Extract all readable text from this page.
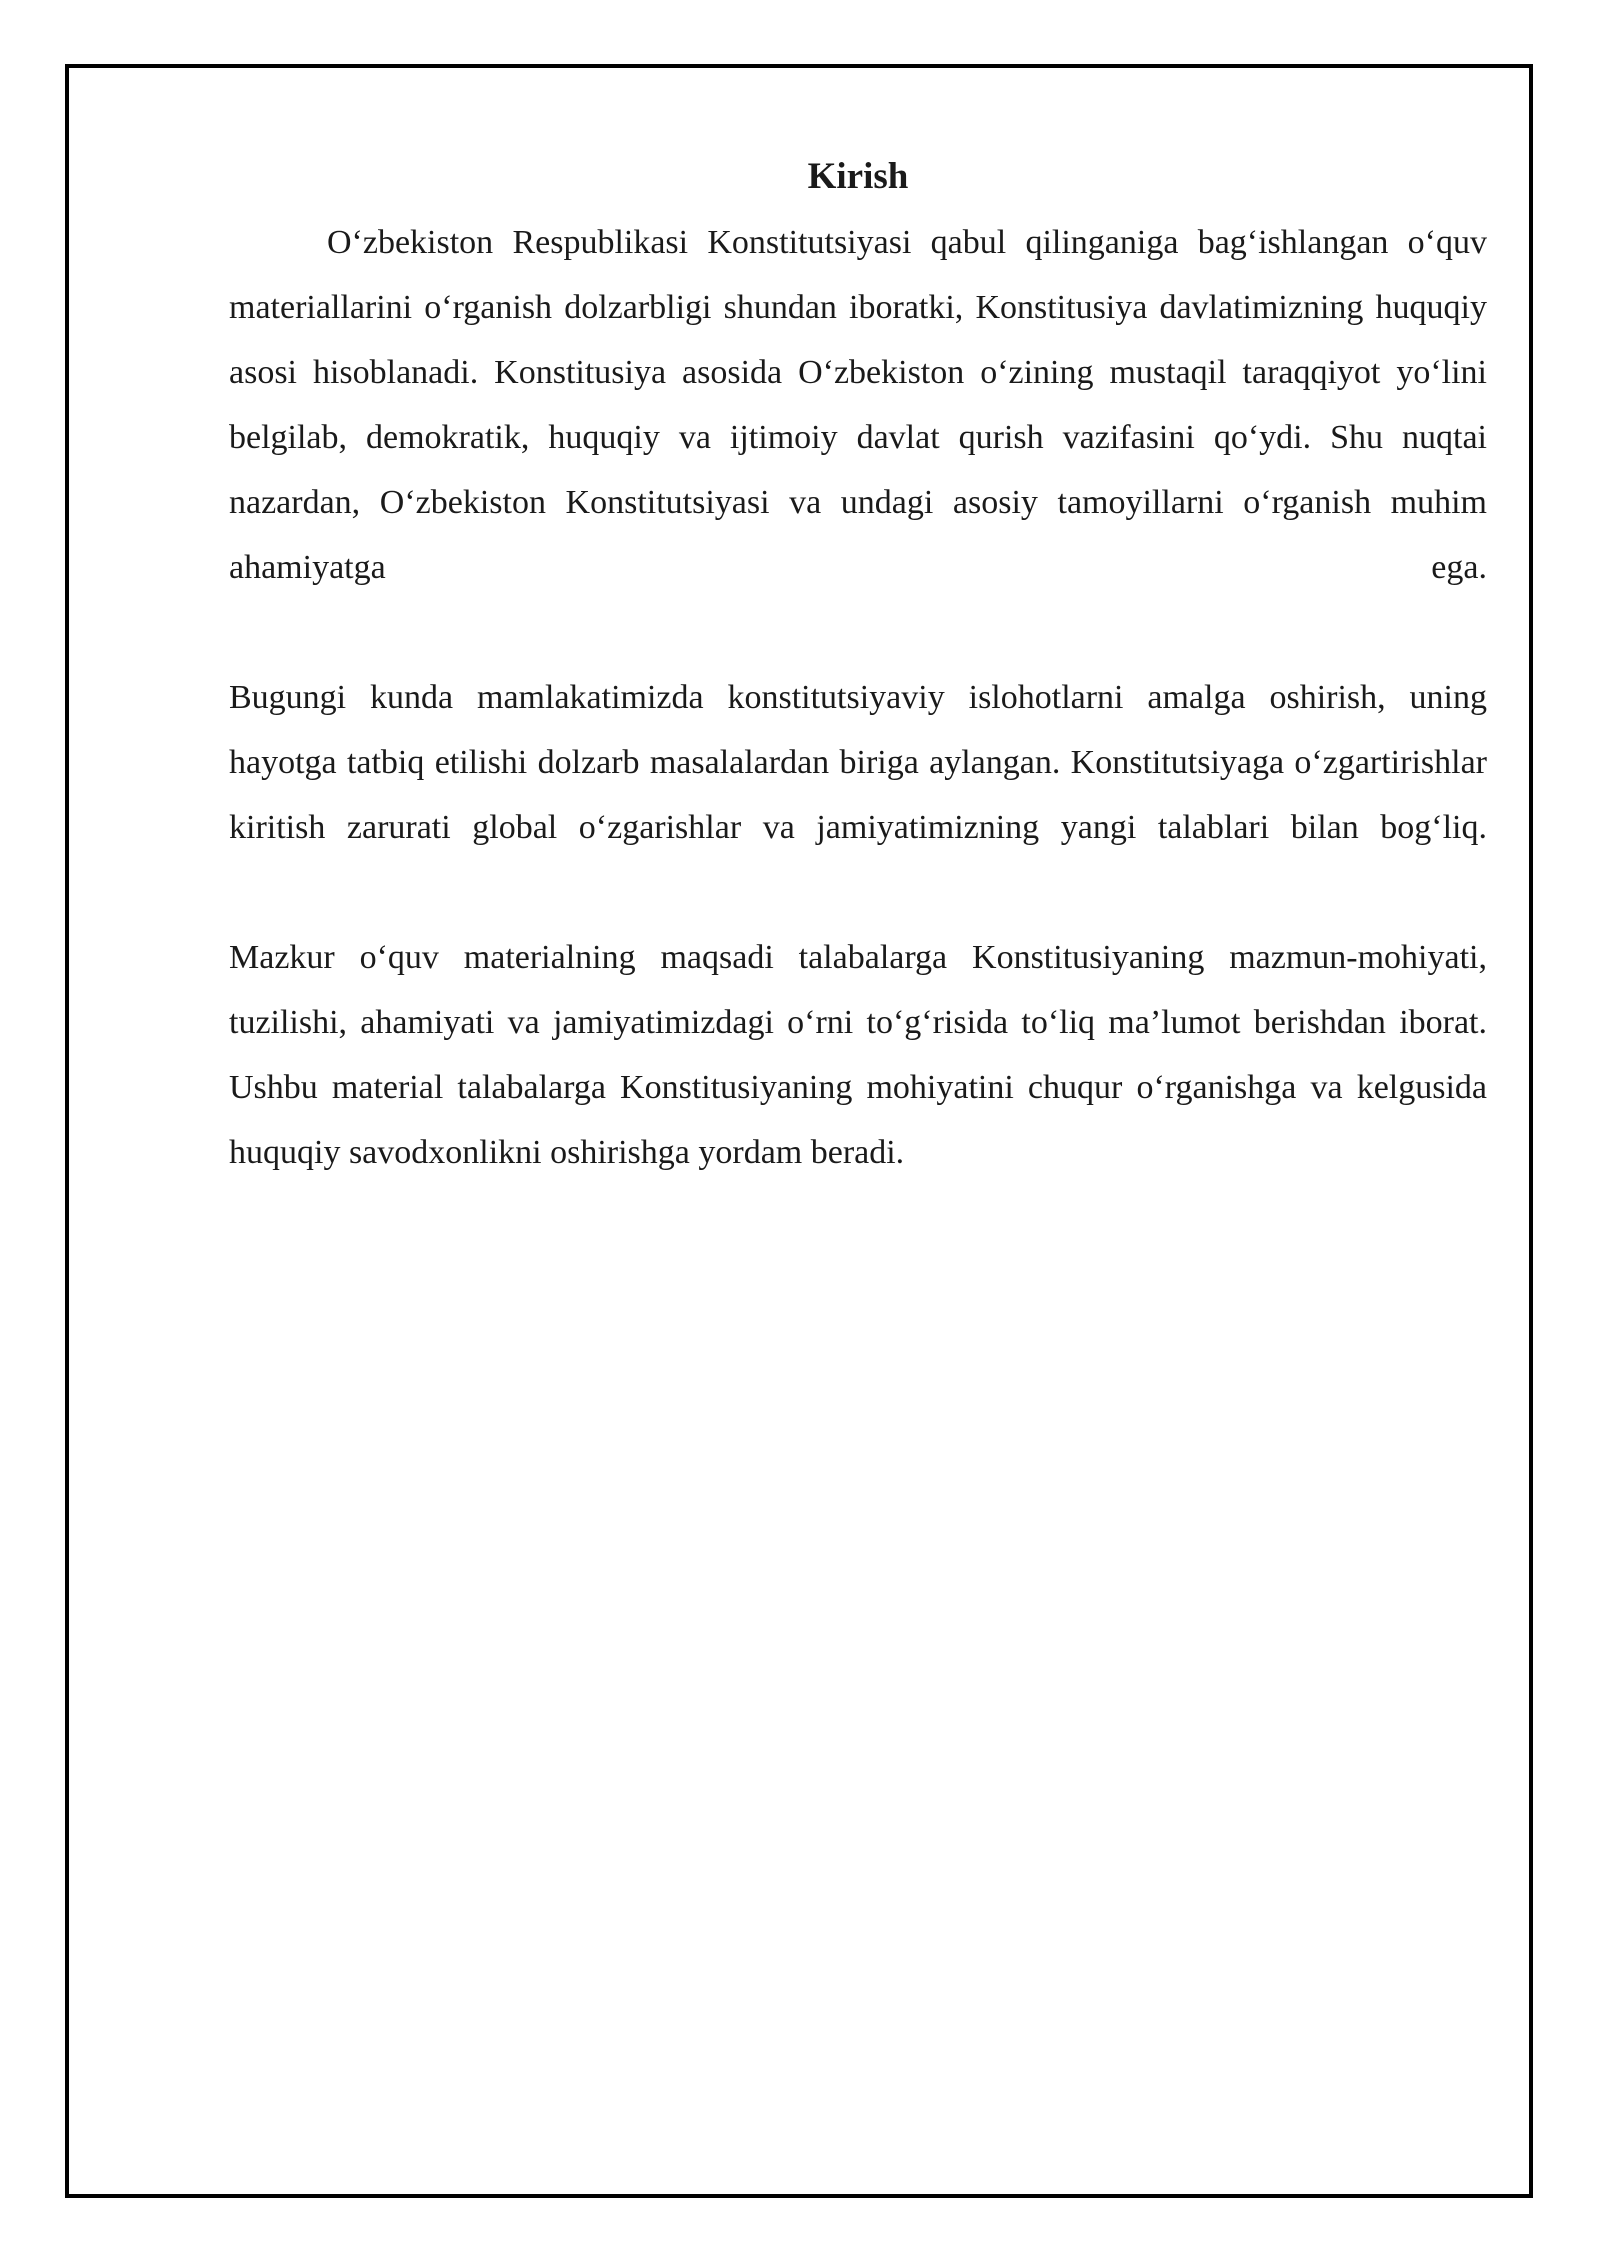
Kirish

O‘zbekiston Respublikasi Konstitutsiyasi qabul qilinganiga bag‘ishlangan o‘quv materiallarini o‘rganish dolzarbligi shundan iboratki, Konstitusiya davlatimizning huquqiy asosi hisoblanadi. Konstitusiya asosida O‘zbekiston o‘zining mustaqil taraqqiyot yo‘lini belgilab, demokratik, huquqiy va ijtimoiy davlat qurish vazifasini qo‘ydi. Shu nuqtai nazardan, O‘zbekiston Konstitutsiyasi va undagi asosiy tamoyillarni o‘rganish muhim ahamiyatga ega.

Bugungi kunda mamlakatimizda konstitutsiyaviy islohotlarni amalga oshirish, uning hayotga tatbiq etilishi dolzarb masalalardan biriga aylangan. Konstitutsiyaga o‘zgartirishlar kiritish zarurati global o‘zgarishlar va jamiyatimizning yangi talablari bilan bog‘liq.

Mazkur o‘quv materialning maqsadi talabalarga Konstitusiyaning mazmun-mohiyati, tuzilishi, ahamiyati va jamiyatimizdagi o‘rni to‘g‘risida to‘liq ma’lumot berishdan iborat. Ushbu material talabalarga Konstitusiyaning mohiyatini chuqur o‘rganishga va kelgusida huquqiy savodxonlikni oshirishga yordam beradi.
